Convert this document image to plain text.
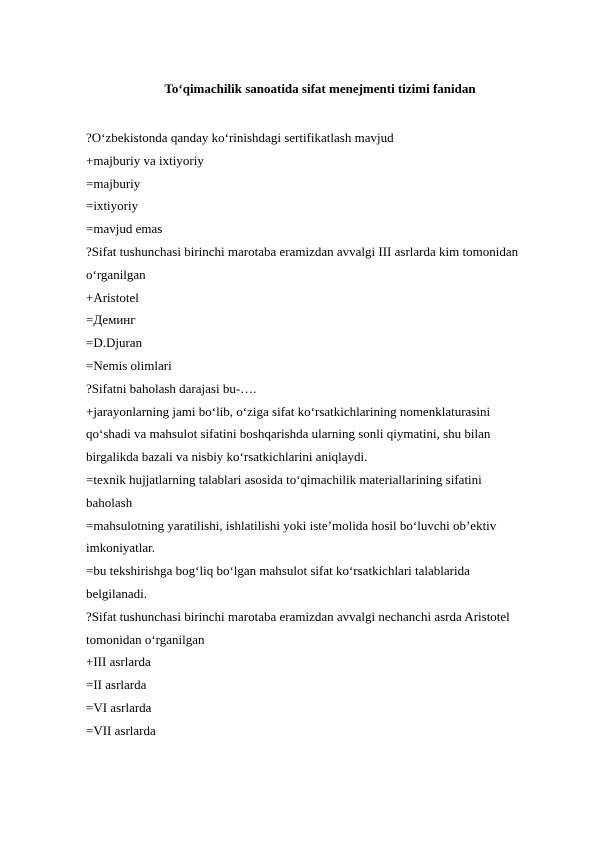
To‘qimachilik sanoatida sifat menejmenti tizimi fanidan
?O‘zbekistonda qanday ko‘rinishdagi sertifikatlash mavjud
+majburiy va ixtiyoriy
=majburiy
=ixtiyoriy
=mavjud emas
?Sifat tushunchasi birinchi marotaba eramizdan avvalgi III asrlarda kim tomonidan
o‘rganilgan
+Aristotel
=Деминг
=D.Djuran
=Nemis olimlari
?Sifatni baholash darajasi bu-….
+jarayonlarning jami bo‘lib, o‘ziga sifat ko‘rsatkichlarining nomenklaturasini
qo‘shadi va mahsulot sifatini boshqarishda ularning sonli qiymatini, shu bilan
birgalikda bazali va nisbiy ko‘rsatkichlarini aniqlaydi.
=texnik hujjatlarning talablari asosida to‘qimachilik materiallarining sifatini
baholash
=mahsulotning yaratilishi, ishlatilishi yoki iste’molida hosil bo‘luvchi ob’ektiv
imkoniyatlar.
=bu tekshirishga bog‘liq bo‘lgan mahsulot sifat ko‘rsatkichlari talablarida
belgilanadi.
?Sifat tushunchasi birinchi marotaba eramizdan avvalgi nechanchi asrda Aristotel
tomonidan o‘rganilgan
+III asrlarda
=II asrlarda
=VI asrlarda
=VII asrlarda
